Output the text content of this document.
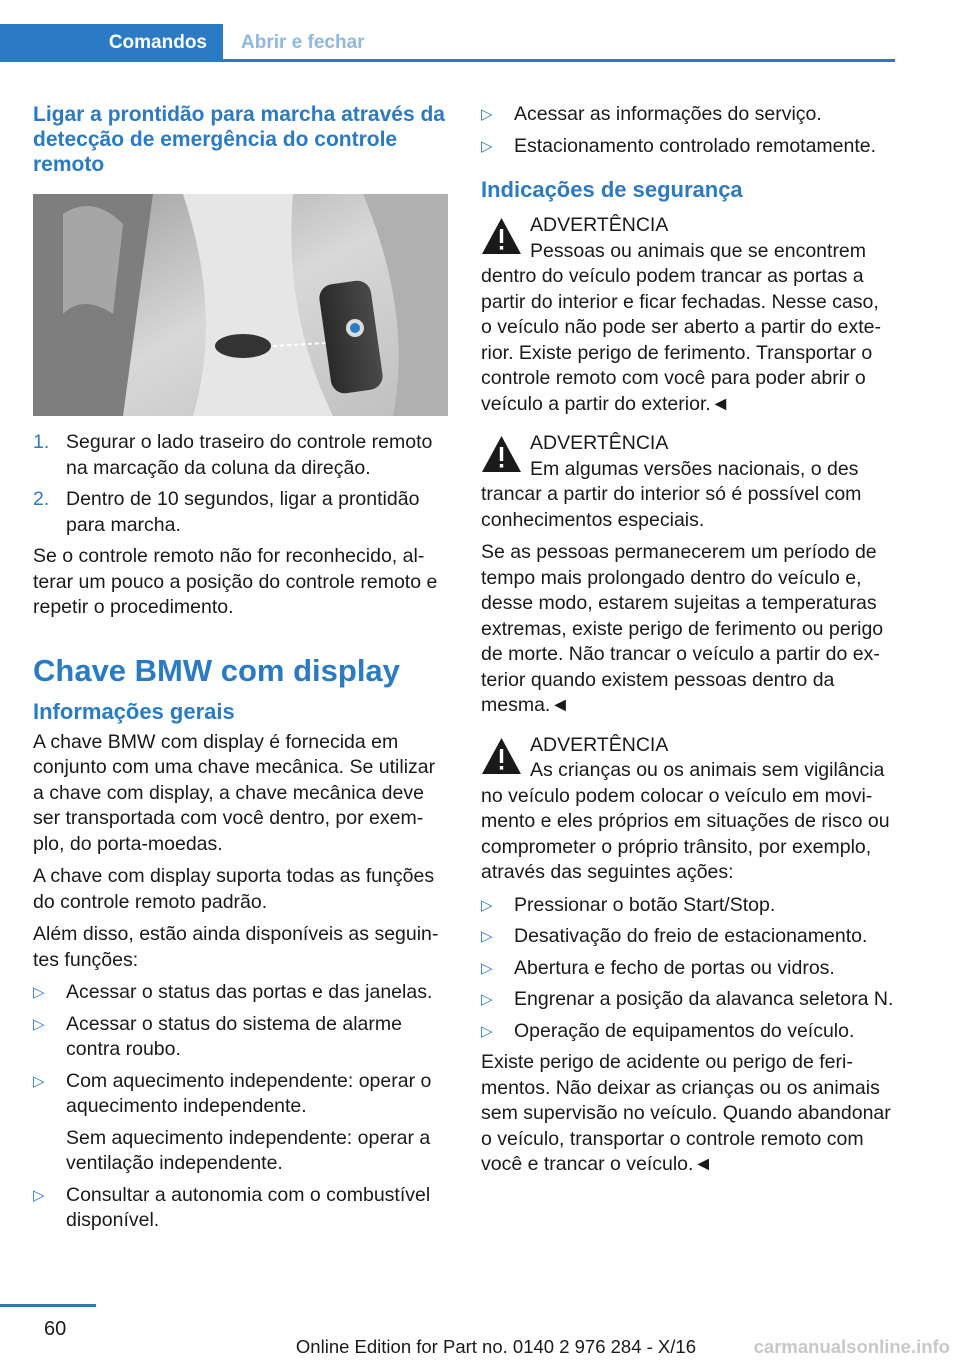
Comandos	Abrir e fechar

Ligar a prontidão para marcha através da detecção de emergência do controle remoto

1. Segurar o lado traseiro do controle remoto na marcação da coluna da direção.

2. Dentro de 10 segundos, ligar a prontidão para marcha.

Se o controle remoto não for reconhecido, alterar um pouco a posição do controle remoto e repetir o procedimento.

Chave BMW com display

Informações gerais

A chave BMW com display é fornecida em conjunto com uma chave mecânica. Se utilizar a chave com display, a chave mecânica deve ser transportada com você dentro, por exemplo, do porta-moedas.

A chave com display suporta todas as funções do controle remoto padrão.

Além disso, estão ainda disponíveis as seguintes funções:

▷	Acessar o status das portas e das janelas.

▷	Acessar o status do sistema de alarme contra roubo.

▷	Com aquecimento independente: operar o aquecimento independente.

Sem aquecimento independente: operar a ventilação independente.

▷	Consultar a autonomia com o combustível disponível.

▷	Acessar as informações do serviço.

▷	Estacionamento controlado remotamente.

Indicações de segurança

ADVERTÊNCIA

Pessoas ou animais que se encontrem

dentro do veículo podem trancar as portas a partir do interior e ficar fechadas. Nesse caso, o veículo não pode ser aberto a partir do exterior. Existe perigo de ferimento. Transportar o controle remoto com você para poder abrir o veículo a partir do exterior.◄

ADVERTÊNCIA

Em algumas versões nacionais, o des

trancar a partir do interior só é possível com conhecimentos especiais.

Se as pessoas permanecerem um período de tempo mais prolongado dentro do veículo e, desse modo, estarem sujeitas a temperaturas extremas, existe perigo de ferimento ou perigo de morte. Não trancar o veículo a partir do exterior quando existem pessoas dentro da mesma.◄

ADVERTÊNCIA

As crianças ou os animais sem vigilância

no veículo podem colocar o veículo em movimento e eles próprios em situações de risco ou comprometer o próprio trânsito, por exemplo, através das seguintes ações:

▷	Pressionar o botão Start/Stop.

▷	Desativação do freio de estacionamento.

▷	Abertura e fecho de portas ou vidros.

▷	Engrenar a posição da alavanca seletora N.

▷	Operação de equipamentos do veículo.

Existe perigo de acidente ou perigo de ferimentos. Não deixar as crianças ou os animais sem supervisão no veículo. Quando abandonar o veículo, transportar o controle remoto com você e trancar o veículo.◄

60
Online Edition for Part no. 0140 2 976 284 - X/16	carmanualsonline.info
